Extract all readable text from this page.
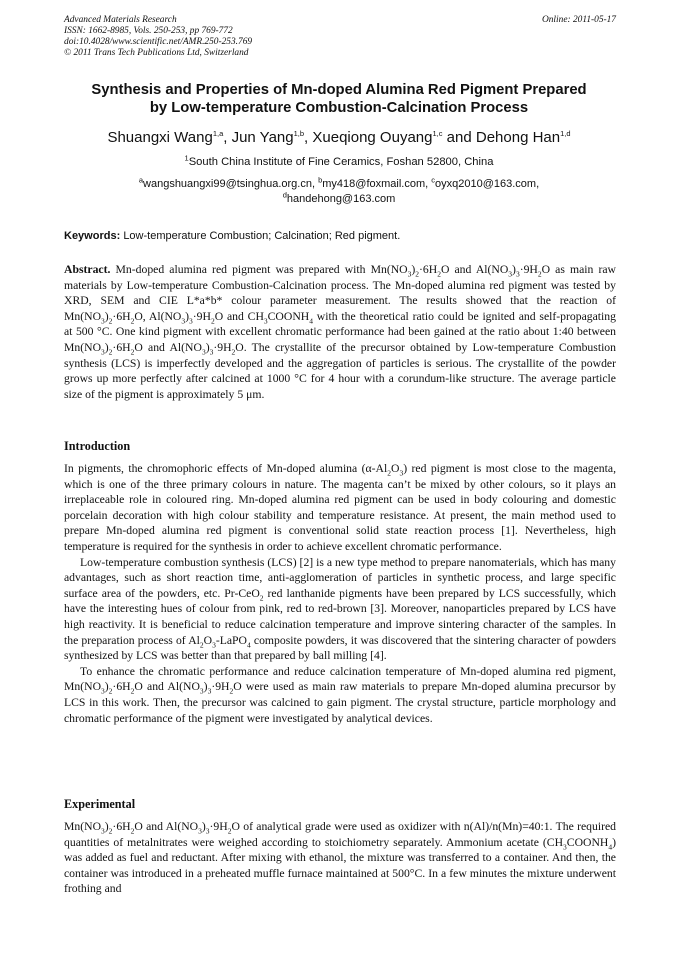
Advanced Materials Research
ISSN: 1662-8985, Vols. 250-253, pp 769-772
doi:10.4028/www.scientific.net/AMR.250-253.769
© 2011 Trans Tech Publications Ltd, Switzerland
Online: 2011-05-17
Synthesis and Properties of Mn-doped Alumina Red Pigment Prepared
by Low-temperature Combustion-Calcination Process
Shuangxi Wang$^{1,a}$, Jun Yang$^{1,b}$, Xueqiong Ouyang$^{1,c}$ and Dehong Han$^{1,d}$
$^1$South China Institute of Fine Ceramics, Foshan 52800, China
$^a$wangshuangxi99@tsinghua.org.cn, $^b$my418@foxmail.com, $^c$oyxq2010@163.com,
$^d$handehong@163.com
Keywords: Low-temperature Combustion; Calcination; Red pigment.

Abstract. Mn-doped alumina red pigment was prepared with $Mn(NO_3)_2\cdot 6H_2O$ and $Al(NO_3)_3\cdot 9H_2O$ as main raw materials by Low-temperature Combustion-Calcination process. The Mn-doped alumina red pigment was tested by XRD, SEM and CIE L*a*b* colour parameter measurement. The results showed that the reaction of $Mn(NO_3)_2\cdot 6H_2O$, $Al(NO_3)_3\cdot 9H_2O$ and $CH_3COONH_4$ with the theoretical ratio could be ignited and self-propagating at 500 °C. One kind pigment with excellent chromatic performance had been gained at the ratio about 1:40 between $Mn(NO_3)_2\cdot 6H_2O$ and $Al(NO_3)_3\cdot 9H_2O$. The crystallite of the precursor obtained by Low-temperature Combustion synthesis (LCS) is imperfectly developed and the aggregation of particles is serious. The crystallite of the powder grows up more perfectly after calcined at 1000 °C for 4 hour with a corundum-like structure. The average particle size of the pigment is approximately 5 μm.

Introduction

In pigments, the chromophoric effects of Mn-doped alumina $(\alpha-Al_2O_3)$ red pigment is most close to the magenta, which is one of the three primary colours in nature. The magenta can’t be mixed by other colours, so it plays an irreplaceable role in coloured ring. Mn-doped alumina red pigment can be used in body colouring and domestic porcelain decoration with high colour stability and temperature resistance. At present, the main method used to prepare Mn-doped alumina red pigment is conventional solid state reaction process [1]. Nevertheless, high temperature is required for the synthesis in order to achieve excellent chromatic performance.

Low-temperature combustion synthesis (LCS) [2] is a new type method to prepare nanomaterials, which has many advantages, such as short reaction time, anti-agglomeration of particles in synthetic process, and large specific surface area of the powders, etc. Pr-CeO$_2$ red lanthanide pigments have been prepared by LCS successfully, which have the interesting hues of colour from pink, red to red-brown [3]. Moreover, nanoparticles prepared by LCS have high reactivity. It is beneficial to reduce calcination temperature and improve sintering character of the samples. In the preparation process of $Al_2O_3-LaPO_4$ composite powders, it was discovered that the sintering character of powders synthesized by LCS was better than that prepared by ball milling [4].

To enhance the chromatic performance and reduce calcination temperature of Mn-doped alumina red pigment, $Mn(NO_3)_2\cdot 6H_2O$ and $Al(NO_3)_3\cdot 9H_2O$ were used as main raw materials to prepare Mn-doped alumina precursor by LCS in this work. Then, the precursor was calcined to gain pigment. The crystal structure, particle morphology and chromatic performance of the pigment were investigated by analytical devices.

Experimental

$Mn(NO_3)_2\cdot 6H_2O$ and $Al(NO_3)_3\cdot 9H_2O$ of analytical grade were used as oxidizer with n(Al)/n(Mn)=40:1. The required quantities of metalnitrates were weighed according to stoichiometry separately. Ammonium acetate $(CH_3COONH_4)$ was added as fuel and reductant. After mixing with ethanol, the mixture was transferred to a container. And then, the container was introduced in a preheated muffle furnace maintained at 500°C. In a few minutes the mixture underwent frothing and
